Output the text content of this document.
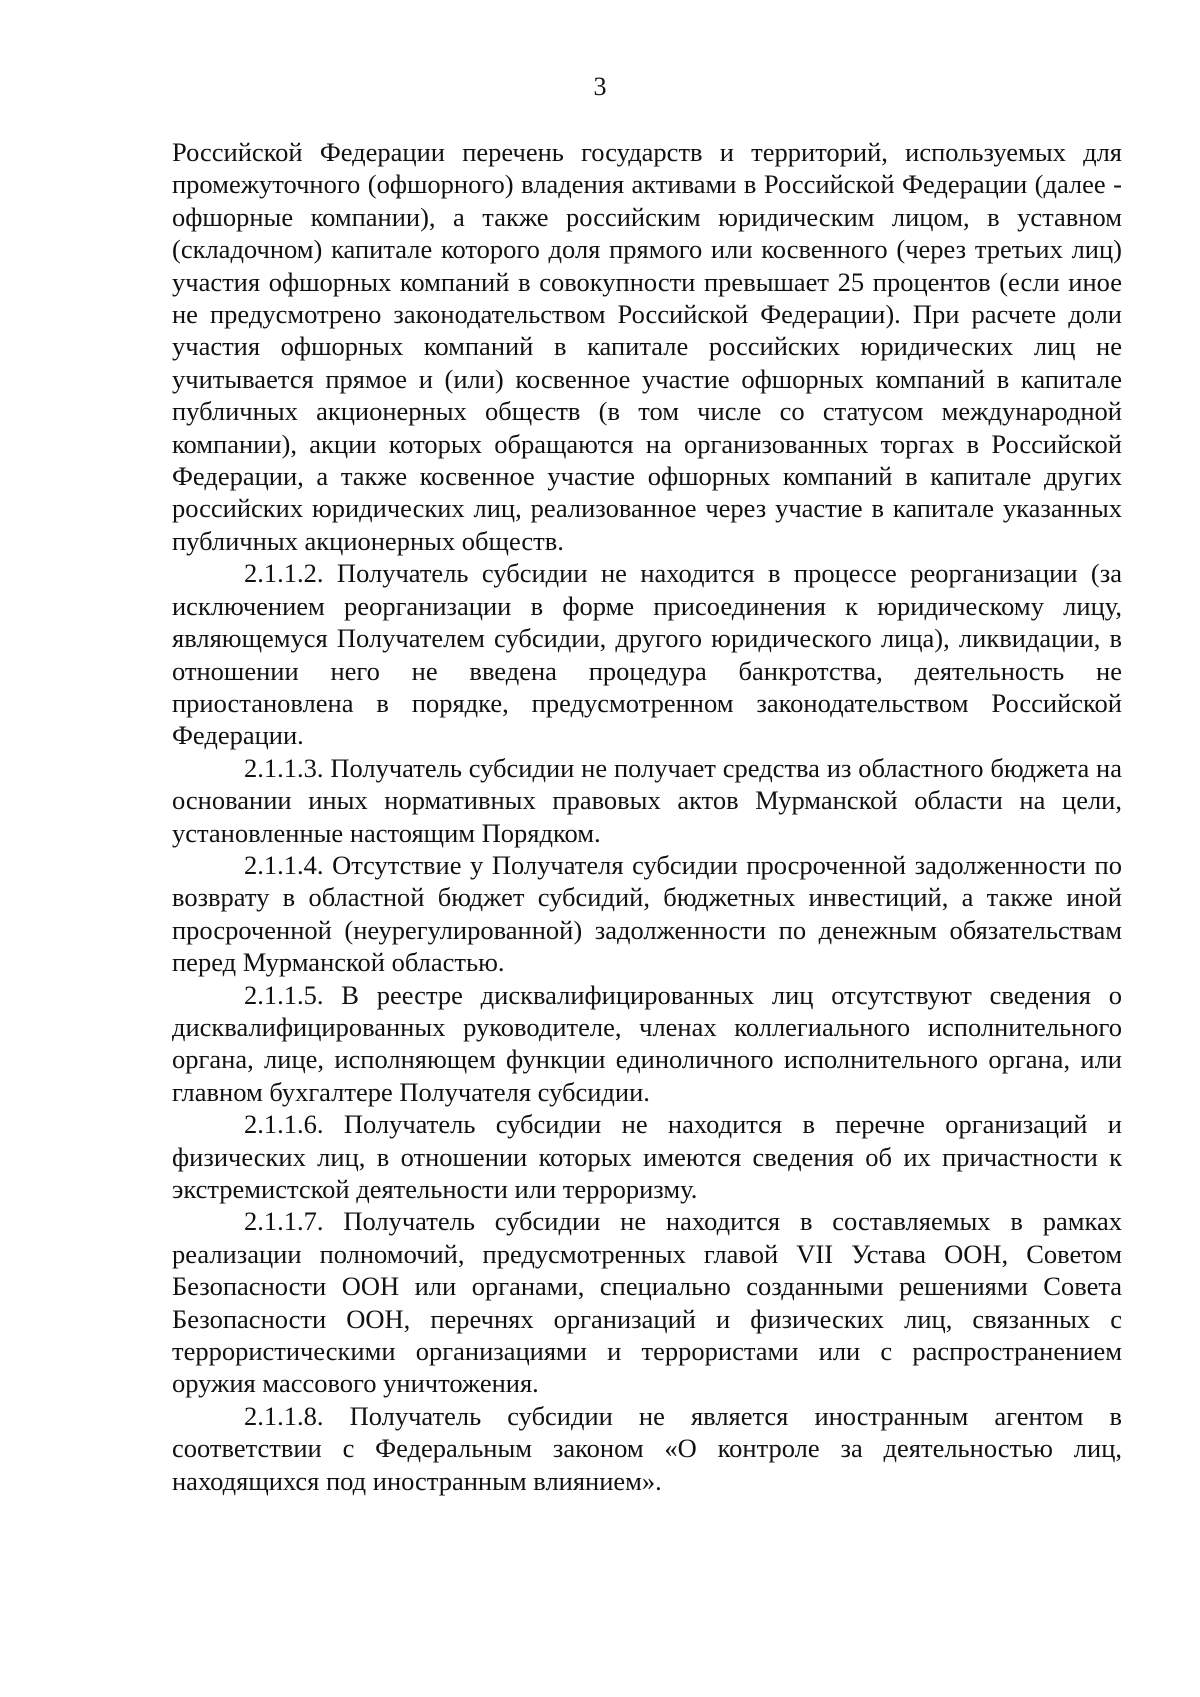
3

Российской Федерации перечень государств и территорий, используемых для промежуточного (офшорного) владения активами в Российской Федерации (далее - офшорные компании), а также российским юридическим лицом, в уставном (складочном) капитале которого доля прямого или косвенного (через третьих лиц) участия офшорных компаний в совокупности превышает 25 процентов (если иное не предусмотрено законодательством Российской Федерации). При расчете доли участия офшорных компаний в капитале российских юридических лиц не учитывается прямое и (или) косвенное участие офшорных компаний в капитале публичных акционерных обществ (в том числе со статусом международной компании), акции которых обращаются на организованных торгах в Российской Федерации, а также косвенное участие офшорных компаний в капитале других российских юридических лиц, реализованное через участие в капитале указанных публичных акционерных обществ.

2.1.1.2. Получатель субсидии не находится в процессе реорганизации (за исключением реорганизации в форме присоединения к юридическому лицу, являющемуся Получателем субсидии, другого юридического лица), ликвидации, в отношении него не введена процедура банкротства, деятельность не приостановлена в порядке, предусмотренном законодательством Российской Федерации.

2.1.1.3. Получатель субсидии не получает средства из областного бюджета на основании иных нормативных правовых актов Мурманской области на цели, установленные настоящим Порядком.

2.1.1.4. Отсутствие у Получателя субсидии просроченной задолженности по возврату в областной бюджет субсидий, бюджетных инвестиций, а также иной просроченной (неурегулированной) задолженности по денежным обязательствам перед Мурманской областью.

2.1.1.5. В реестре дисквалифицированных лиц отсутствуют сведения о дисквалифицированных руководителе, членах коллегиального исполнительного органа, лице, исполняющем функции единоличного исполнительного органа, или главном бухгалтере Получателя субсидии.

2.1.1.6. Получатель субсидии не находится в перечне организаций и физических лиц, в отношении которых имеются сведения об их причастности к экстремистской деятельности или терроризму.

2.1.1.7. Получатель субсидии не находится в составляемых в рамках реализации полномочий, предусмотренных главой VII Устава ООН, Советом Безопасности ООН или органами, специально созданными решениями Совета Безопасности ООН, перечнях организаций и физических лиц, связанных с террористическими организациями и террористами или с распространением оружия массового уничтожения.

2.1.1.8. Получатель субсидии не является иностранным агентом в соответствии с Федеральным законом «О контроле за деятельностью лиц, находящихся под иностранным влиянием».
